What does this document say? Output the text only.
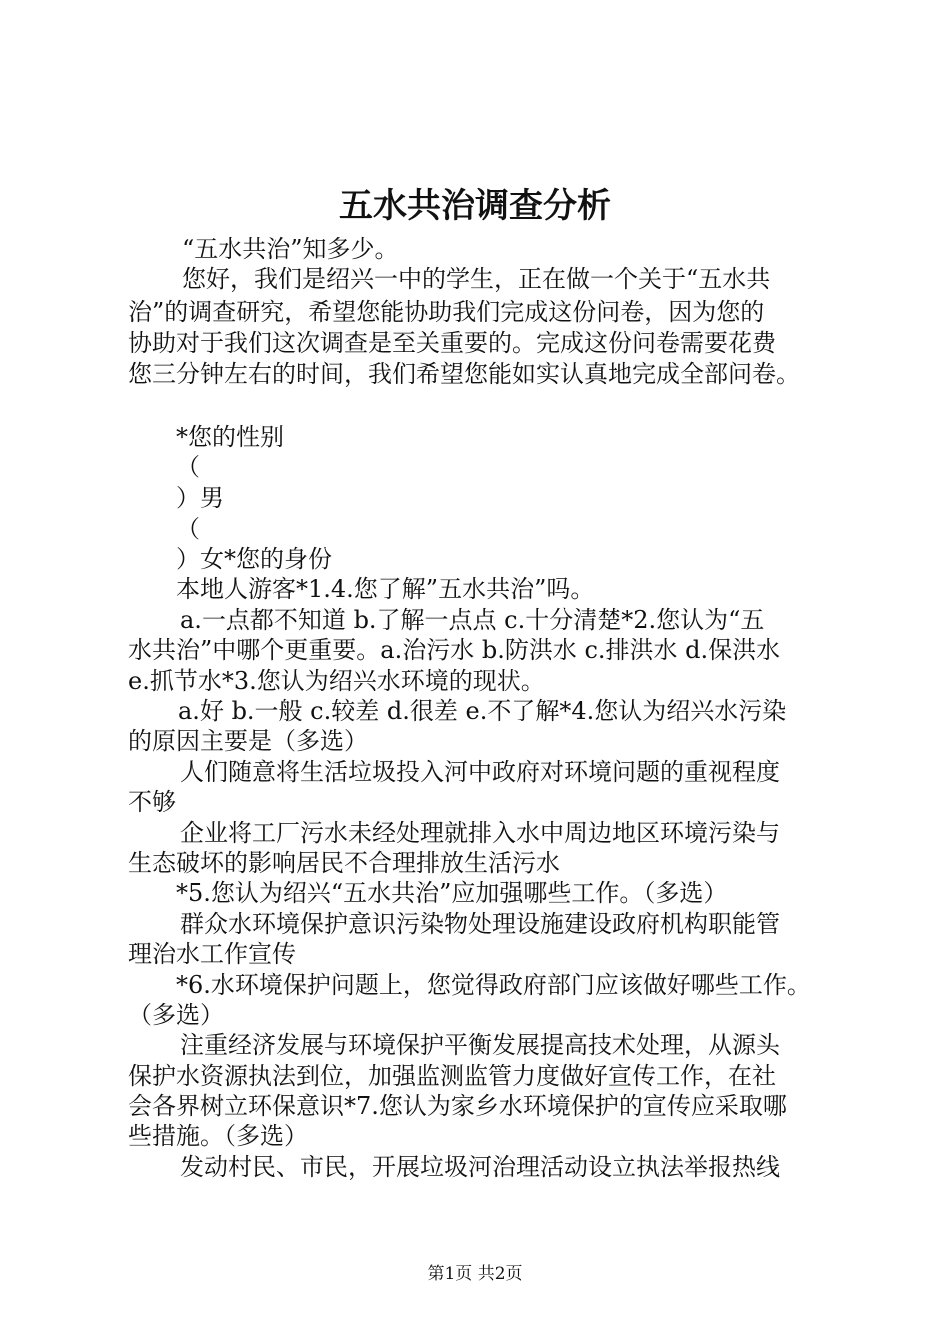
五水共治调查分析
“五水共治”知多少。
您好，我们是绍兴一中的学生，正在做一个关于“五水共
治”的调查研究，希望您能协助我们完成这份问卷，因为您的
协助对于我们这次调查是至关重要的。完成这份问卷需要花费
您三分钟左右的时间，我们希望您能如实认真地完成全部问卷。
*您的性别
（
）男
（
）女*您的身份
本地人游客*1.4.您了解”五水共治”吗。
a.一点都不知道 b.了解一点点 c.十分清楚*2.您认为“五
水共治”中哪个更重要。a.治污水 b.防洪水 c.排洪水 d.保洪水
e.抓节水*3.您认为绍兴水环境的现状。
a.好 b.一般 c.较差 d.很差 e.不了解*4.您认为绍兴水污染
的原因主要是（多选）
人们随意将生活垃圾投入河中政府对环境问题的重视程度
不够
企业将工厂污水未经处理就排入水中周边地区环境污染与
生态破坏的影响居民不合理排放生活污水
*5.您认为绍兴“五水共治”应加强哪些工作。（多选）
群众水环境保护意识污染物处理设施建设政府机构职能管
理治水工作宣传
*6.水环境保护问题上，您觉得政府部门应该做好哪些工作。
（多选）
注重经济发展与环境保护平衡发展提高技术处理，从源头
保护水资源执法到位，加强监测监管力度做好宣传工作，在社
会各界树立环保意识*7.您认为家乡水环境保护的宣传应采取哪
些措施。（多选）
发动村民、市民，开展垃圾河治理活动设立执法举报热线
第1页 共2页
